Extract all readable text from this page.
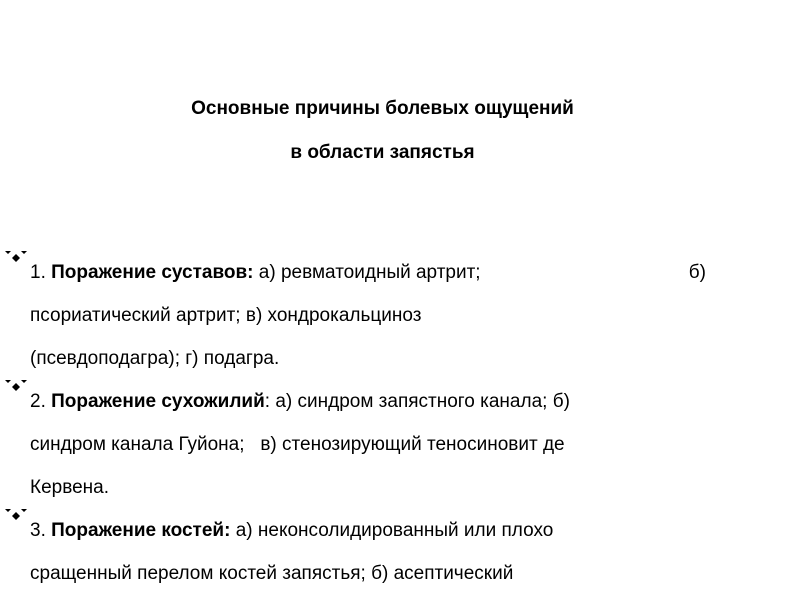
Основные причины болевых ощущений

в области запястья

1. Поражение суставов: а) ревматоидный артрит;	б)
псориатический артрит; в) хондрокальциноз
(псевдоподагра); г) подагра.
2. Поражение сухожилий: а) синдром запястного канала; б)
синдром канала Гуйона;   в) стенозирующий теносиновит де
Кервена.
3. Поражение костей: а) неконсолидированный или плохо
сращенный перелом костей запястья; б) асептический
